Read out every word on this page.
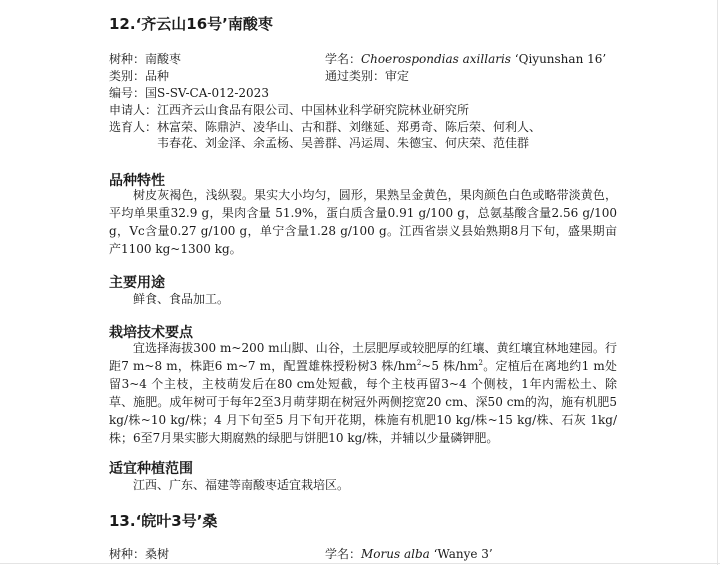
12.‘齐云山16号’南酸枣
树种： 南酸枣	学名： Choerospondias axillaris ‘Qiyunshan 16’
类别： 品种	通过类别： 审定
编号： 国S-SV-CA-012-2023
申请人： 江西齐云山食品有限公司、中国林业科学研究院林业研究所
选育人： 林富荣、陈鼎泸、凌华山、古和群、刘继延、郑勇奇、陈后荣、何利人、
韦春花、刘金泽、余孟杨、吴善群、冯运周、朱德宝、何庆荣、范佳群
品种特性
树皮灰褐色，浅纵裂。果实大小均匀，圆形，果熟呈金黄色，果肉颜色白色或略带淡黄色，平均单果重32.9 g，果肉含量 51.9%，蛋白质含量0.91 g/100 g，总氨基酸含量2.56 g/100 g，Vc含量0.27 g/100 g，单宁含量1.28 g/100 g。江西省崇义县始熟期8月下旬，盛果期亩产1100 kg~1300 kg。
主要用途
鲜食、食品加工。
栽培技术要点
宜选择海拔300 m~200 m山脚、山谷，土层肥厚或较肥厚的红壤、黄红壤宜林地建园。行距7 m~8 m，株距6 m~7 m，配置雄株授粉树3 株$/hm^2\sim 5$ 株$/hm^2$。定植后在离地约1 m处留3~4 个主枝，主枝萌发后在80 cm处短截，每个主枝再留3~4 个侧枝，1年内需松土、除草、施肥。成年树可于每年2至3月萌芽期在树冠外两侧挖宽20 cm、深50 cm的沟，施有机肥5 kg/株~10 kg/株；4 月下旬至5 月下旬开花期，株施有机肥10 kg/株~15 kg/株、石灰 1kg/株；6至7月果实膨大期腐熟的绿肥与饼肥10 kg/株，并辅以少量磷钾肥。
适宜种植范围
江西、广东、福建等南酸枣适宜栽培区。
13.‘皖叶3号’桑
树种： 桑树	学名： Morus alba ‘Wanye 3’
